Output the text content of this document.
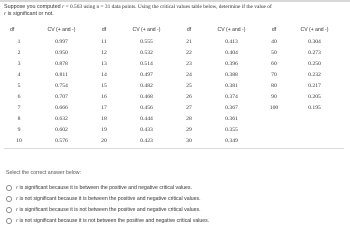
Suppose you computed r = 0.563 using n = 31 data points. Using the critical values table below, determine if the value of
r is significant or not.
df	CV (+ and -)	df	CV (+ and -)	df	CV (+ and -)	df	CV (+ and -)
1	0.997	11	0.555	21	0.413	40	0.304
2	0.950	12	0.532	22	0.404	50	0.273
3	0.878	13	0.514	23	0.396	60	0.250
4	0.811	14	0.497	24	0.388	70	0.232
5	0.754	15	0.482	25	0.381	80	0.217
6	0.707	16	0.468	26	0.374	90	0.205
7	0.666	17	0.456	27	0.367	100	0.195
8	0.632	18	0.444	28	0.361		
9	0.602	19	0.433	29	0.355		
10	0.576	20	0.423	30	0.349		
Select the correct answer below:
r is significant because it is between the positive and negative critical values.
r is not significant because it is between the positive and negative critical values.
r is significant because it is not between the positive and negative critical values.
r is not significant because it is not between the positive and negative critical values.
